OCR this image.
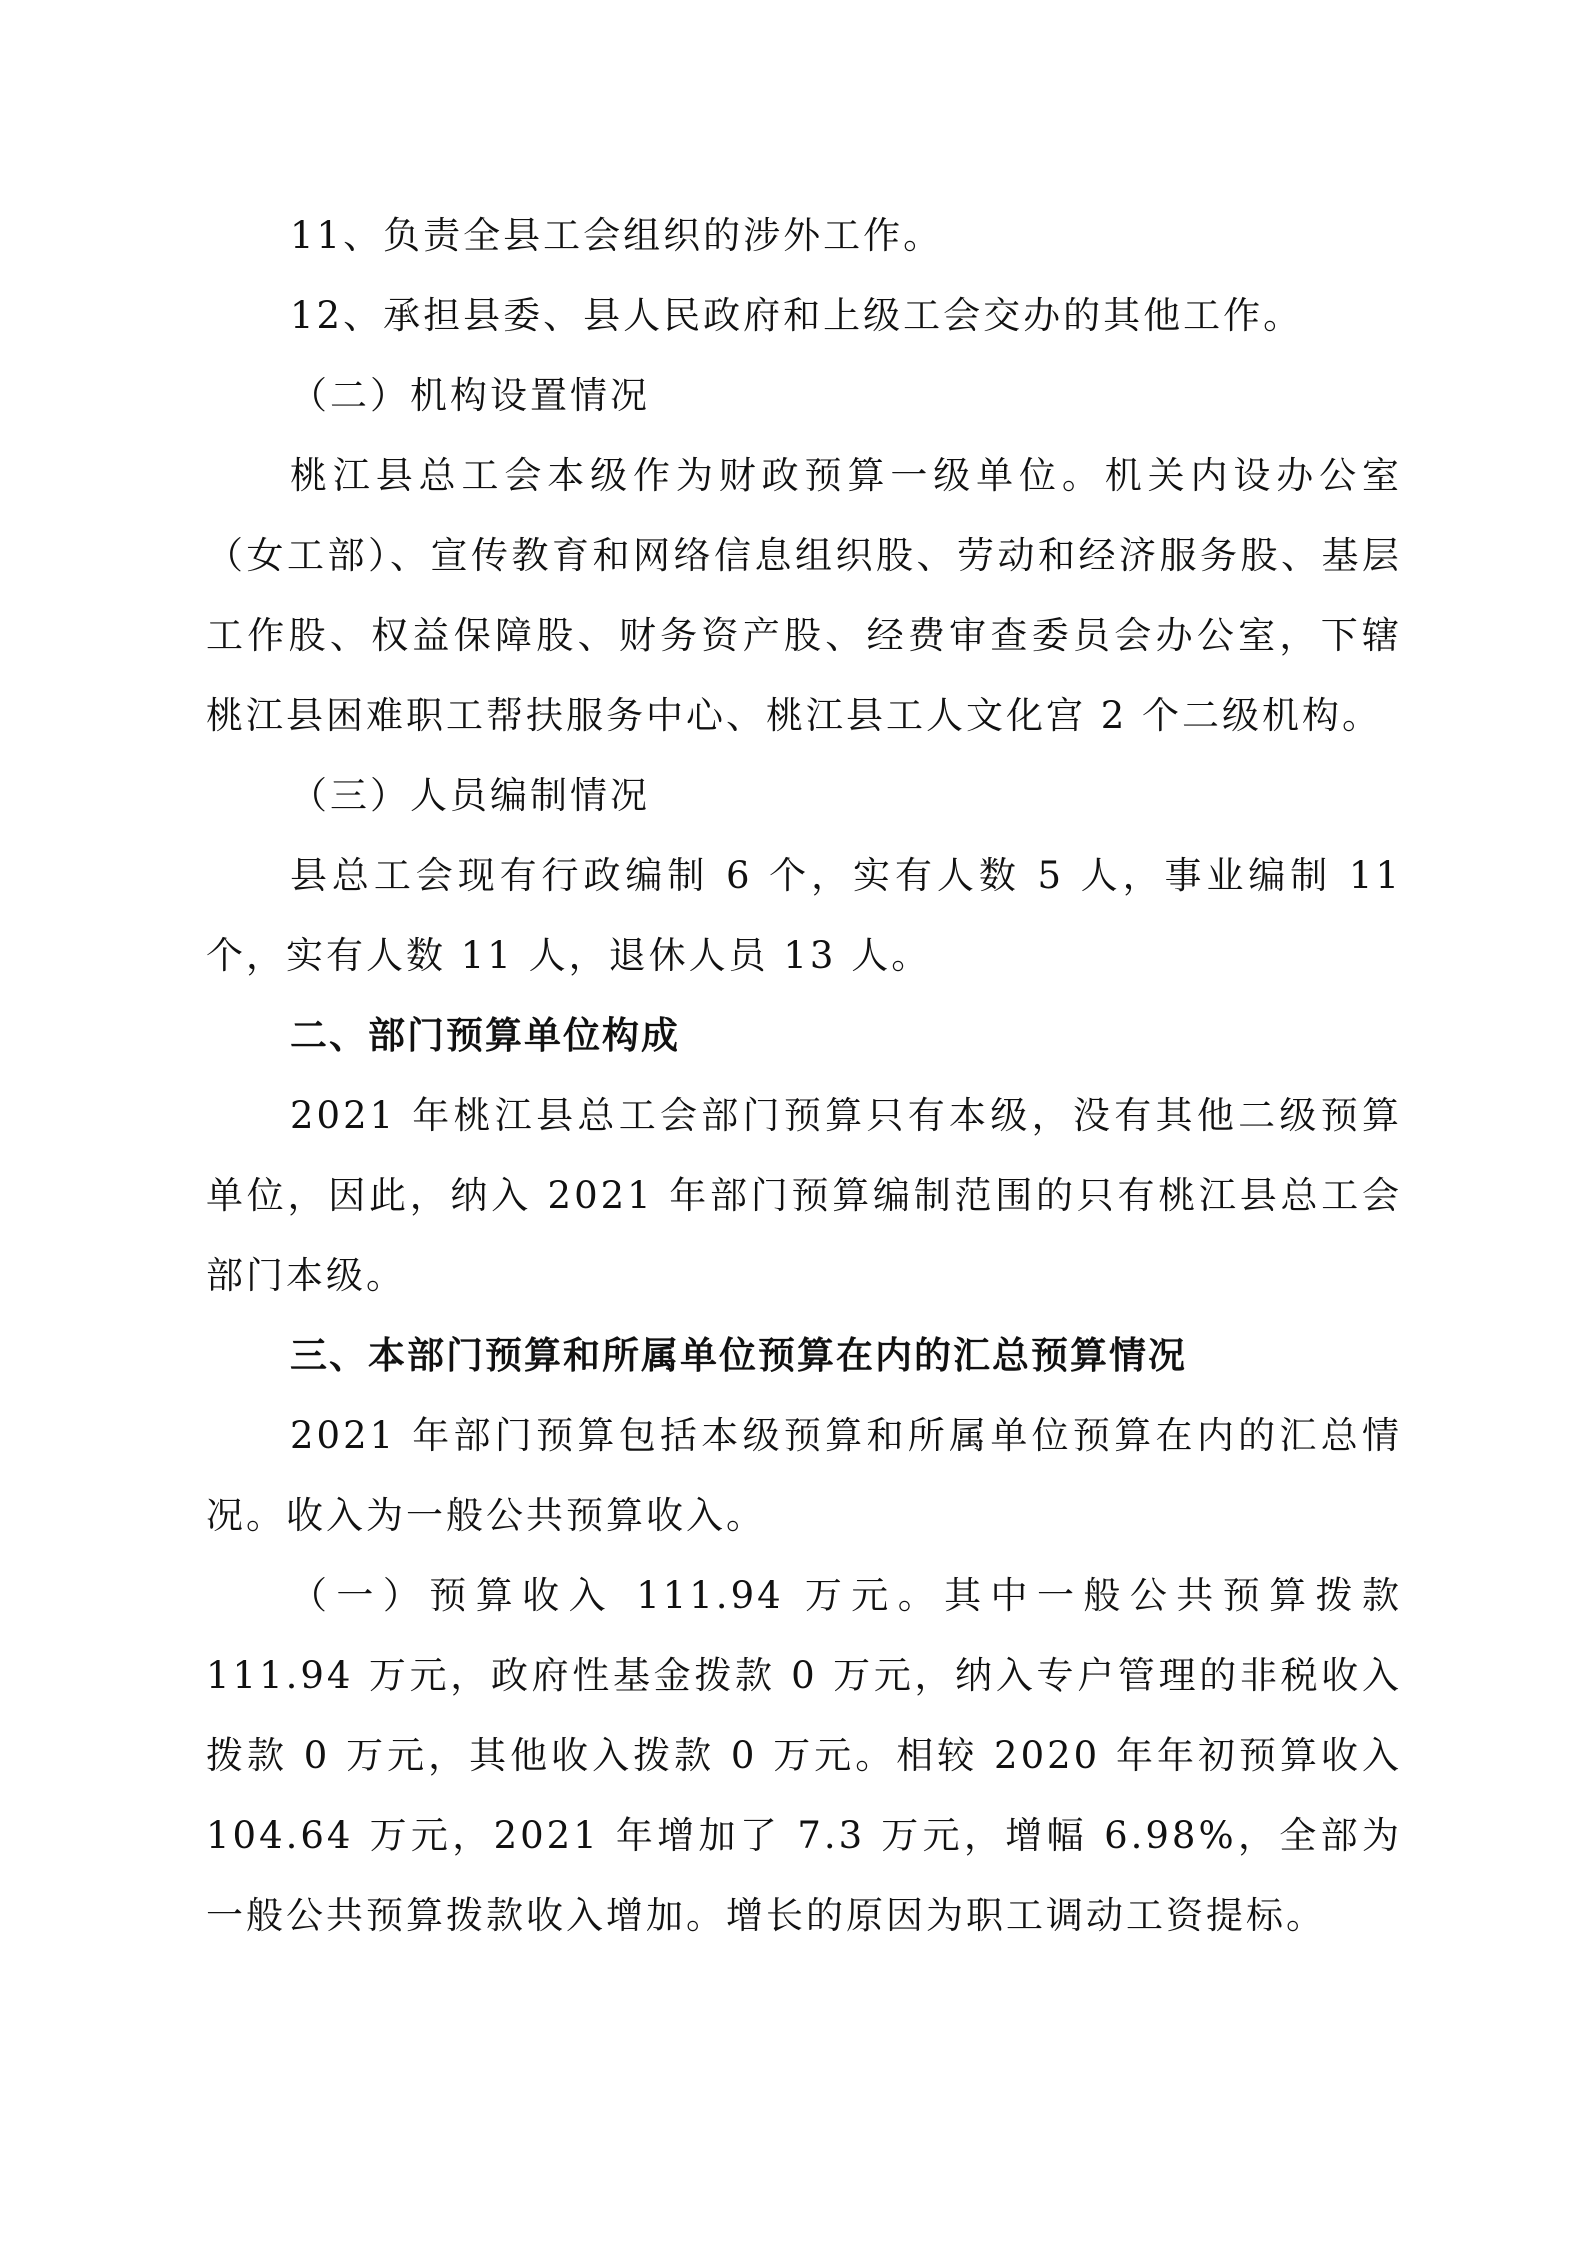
11、负责全县工会组织的涉外工作。

12、承担县委、县人民政府和上级工会交办的其他工作。

（二）机构设置情况

桃江县总工会本级作为财政预算一级单位。机关内设办公室（女工部）、宣传教育和网络信息组织股、劳动和经济服务股、基层工作股、权益保障股、财务资产股、经费审查委员会办公室，下辖桃江县困难职工帮扶服务中心、桃江县工人文化宫 2 个二级机构。

（三）人员编制情况

县总工会现有行政编制 6 个，实有人数 5 人，事业编制 11 个，实有人数 11 人，退休人员 13 人。

二、部门预算单位构成

2021 年桃江县总工会部门预算只有本级，没有其他二级预算单位，因此，纳入 2021 年部门预算编制范围的只有桃江县总工会部门本级。

三、本部门预算和所属单位预算在内的汇总预算情况

2021 年部门预算包括本级预算和所属单位预算在内的汇总情况。收入为一般公共预算收入。

（一）预算收入 111.94 万元。其中一般公共预算拨款 111.94 万元，政府性基金拨款 0 万元，纳入专户管理的非税收入拨款 0 万元，其他收入拨款 0 万元。相较 2020 年年初预算收入 104.64 万元，2021 年增加了 7.3 万元，增幅 6.98%，全部为一般公共预算拨款收入增加。增长的原因为职工调动工资提标。
